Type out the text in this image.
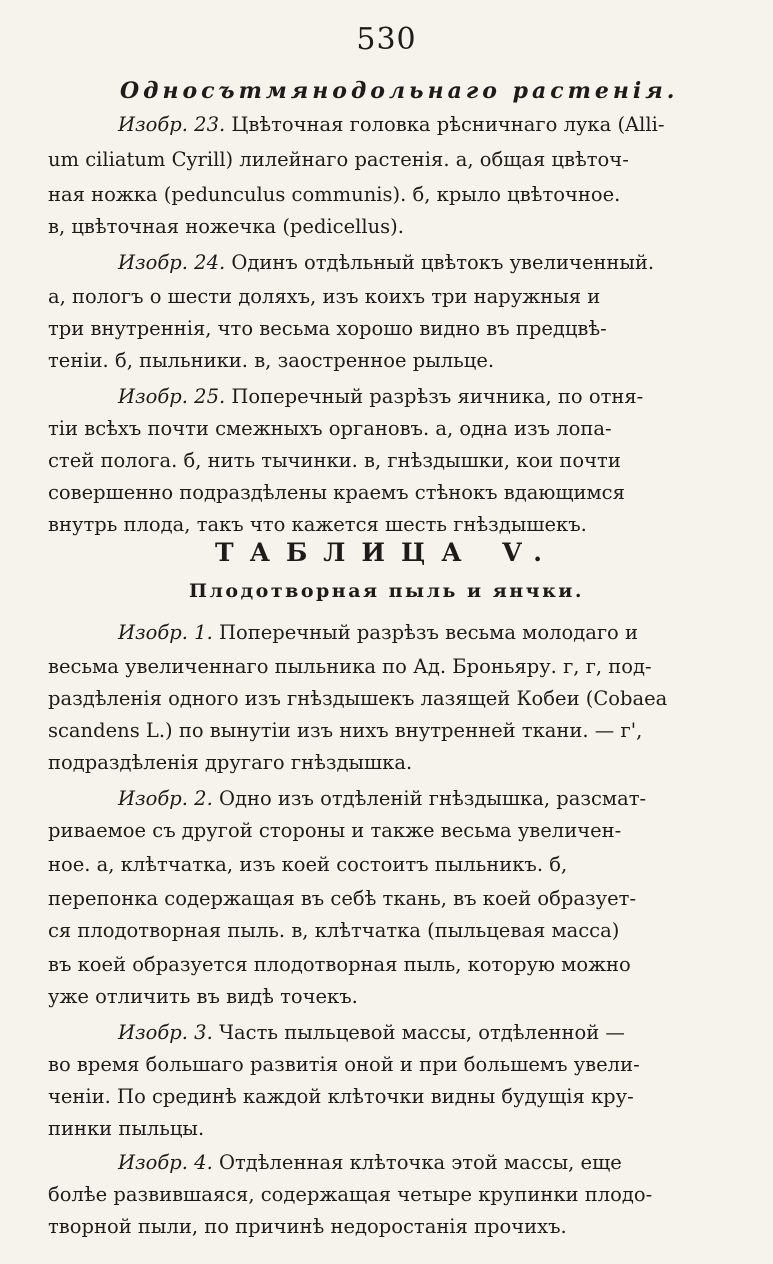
530
Односътмянодольнаго растенія.
Изобр. 23. Цвѣточная головка рѣсничнаго лука (Alli-
um ciliatum Cyrill) лилейнаго растенія. а, общая цвѣточ-
ная ножка (pedunculus communis). б, крыло цвѣточное.
в, цвѣточная ножечка (pedicellus).
Изобр. 24. Одинъ отдѣльный цвѣтокъ увеличенный.
а, пологъ о шести доляхъ, изъ коихъ три наружныя и
три внутреннія, что весьма хорошо видно въ предцвѣ-
теніи. б, пыльники. в, заостренное рыльце.
Изобр. 25. Поперечный разрѣзъ яичника, по отня-
тіи всѣхъ почти смежныхъ органовъ. а, одна изъ лопа-
стей полога. б, нить тычинки. в, гнѣздышки, кои почти
совершенно подраздѣлены краемъ стѣнокъ вдающимся
внутрь плода, такъ что кажется шесть гнѣздышекъ.
Изобр. 1. Поперечный разрѣзъ весьма молодаго и
весьма увеличеннаго пыльника по Ад. Броньяру. г, г, под-
раздѣленія одного изъ гнѣздышекъ лазящей Кобеи (Cobaea
scandens L.) по вынутіи изъ нихъ внутренней ткани. — г',
подраздѣленія другаго гнѣздышка.
Изобр. 2. Одно изъ отдѣленій гнѣздышка, разсмат-
риваемое съ другой стороны и также весьма увеличен-
ное. а, клѣтчатка, изъ коей состоитъ пыльникъ. б,
перепонка содержащая въ себѣ ткань, въ коей образует-
ся плодотворная пыль. в, клѣтчатка (пыльцевая масса)
въ коей образуется плодотворная пыль, которую можно
уже отличить въ видѣ точекъ.
Изобр. 3. Часть пыльцевой массы, отдѣленной —
во время большаго развитія оной и при большемъ увели-
ченіи. По срединѣ каждой клѣточки видны будущія кру-
пинки пыльцы.
Изобр. 4. Отдѣленная клѣточка этой массы, еще
болѣе развившаяся, содержащая четыре крупинки плодо-
творной пыли, по причинѣ недоростанія прочихъ.
ТАБЛИЦА V.
Плодотворная пыль и янчки.
